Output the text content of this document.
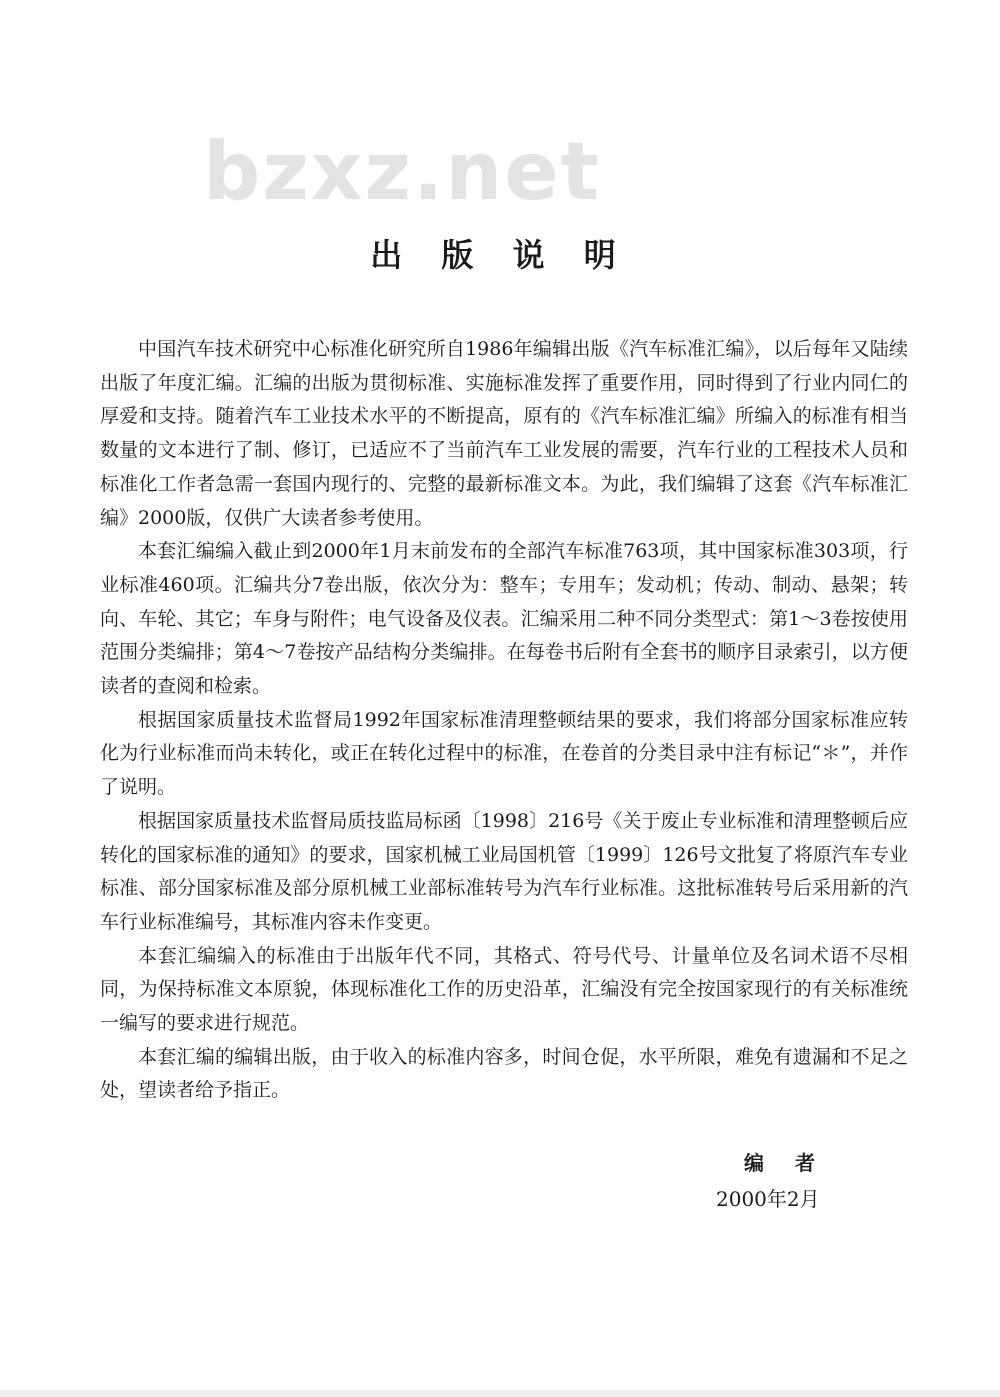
bzxz.net
出 版 说 明

中国汽车技术研究中心标准化研究所自1986年编辑出版《汽车标准汇编》，以后每年又陆续出版了年度汇编。汇编的出版为贯彻标准、实施标准发挥了重要作用，同时得到了行业内同仁的厚爱和支持。随着汽车工业技术水平的不断提高，原有的《汽车标准汇编》所编入的标准有相当数量的文本进行了制、修订，已适应不了当前汽车工业发展的需要，汽车行业的工程技术人员和标准化工作者急需一套国内现行的、完整的最新标准文本。为此，我们编辑了这套《汽车标准汇编》2000版，仅供广大读者参考使用。

本套汇编编入截止到2000年1月末前发布的全部汽车标准763项，其中国家标准303项，行业标准460项。汇编共分7卷出版，依次分为：整车；专用车；发动机；传动、制动、悬架；转向、车轮、其它；车身与附件；电气设备及仪表。汇编采用二种不同分类型式：第1～3卷按使用范围分类编排；第4～7卷按产品结构分类编排。在每卷书后附有全套书的顺序目录索引，以方便读者的查阅和检索。

根据国家质量技术监督局1992年国家标准清理整顿结果的要求，我们将部分国家标准应转化为行业标准而尚未转化，或正在转化过程中的标准，在卷首的分类目录中注有标记“＊”，并作了说明。

根据国家质量技术监督局质技监局标函〔1998〕216号《关于废止专业标准和清理整顿后应转化的国家标准的通知》的要求，国家机械工业局国机管〔1999〕126号文批复了将原汽车专业标准、部分国家标准及部分原机械工业部标准转号为汽车行业标准。这批标准转号后采用新的汽车行业标准编号，其标准内容未作变更。

本套汇编编入的标准由于出版年代不同，其格式、符号代号、计量单位及名词术语不尽相同，为保持标准文本原貌，体现标准化工作的历史沿革，汇编没有完全按国家现行的有关标准统一编写的要求进行规范。

本套汇编的编辑出版，由于收入的标准内容多，时间仓促，水平所限，难免有遗漏和不足之处，望读者给予指正。

编 者
2000年2月
